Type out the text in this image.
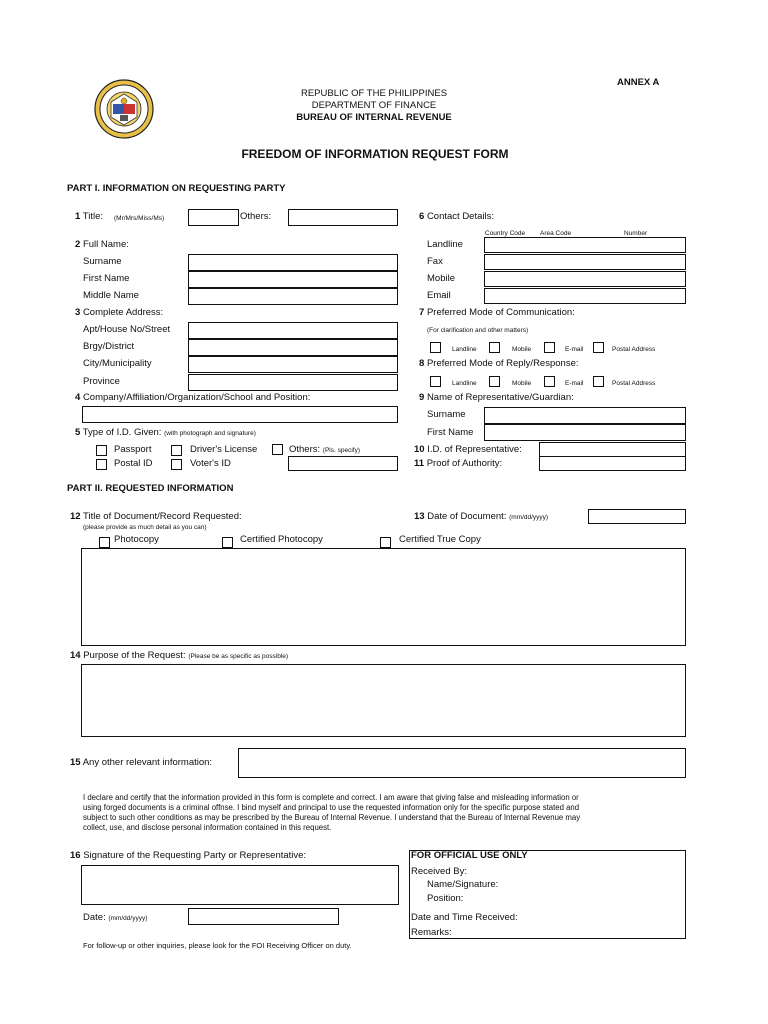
ANNEX A
REPUBLIC OF THE PHILIPPINES
DEPARTMENT OF FINANCE
BUREAU OF INTERNAL REVENUE
FREEDOM OF INFORMATION REQUEST FORM
PART I. INFORMATION ON REQUESTING PARTY
1 Title: (Mr/Mrs/Miss/Ms)	Others:
2 Full Name:
Surname
First Name
Middle Name
3 Complete Address:
Apt/House No/Street
Brgy/District
City/Municipality
Province
4 Company/Affiliation/Organization/School and Position:
5 Type of I.D. Given: (with photograph and signature)
Passport	Driver's License	Others: (Pls. specify)
Postal ID	Voter's ID
6 Contact Details:
Country Code Area Code	Number
Landline
Fax
Mobile
Email
7 Preferred Mode of Communication:
(For clarification and other matters)
Landline	Mobile	E-mail	Postal Address
8 Preferred Mode of Reply/Response:
Landline	Mobile	E-mail	Postal Address
9 Name of Representative/Guardian:
Surname
First Name
10 I.D. of Representative:
11 Proof of Authority:
PART II. REQUESTED INFORMATION
12 Title of Document/Record Requested:
(please provide as much detail as you can)
Photocopy	Certified Photocopy	Certified True Copy
13 Date of Document: (mm/dd/yyyy)
14 Purpose of the Request: (Please be as specific as possible)
15 Any other relevant information:
I declare and certify that the information provided in this form is complete and correct. I am aware that giving false and misleading information or
using forged documents is a criminal offnse. I bind myself and principal to use the requested information only for the specific purpose stated and
subject to such other conditions as may be prescribed by the Bureau of Internal Revenue. I understand that the Bureau of Internal Revenue may
collect, use, and disclose personal information contained in this request.
16 Signature of the Requesting Party or Representative:
Date: (mm/dd/yyyy)
FOR OFFICIAL USE ONLY
Received By:
Name/Signature:
Position:
Date and Time Received:
Remarks:
For follow-up or other inquiries, please look for the FOI Receiving Officer on duty.
